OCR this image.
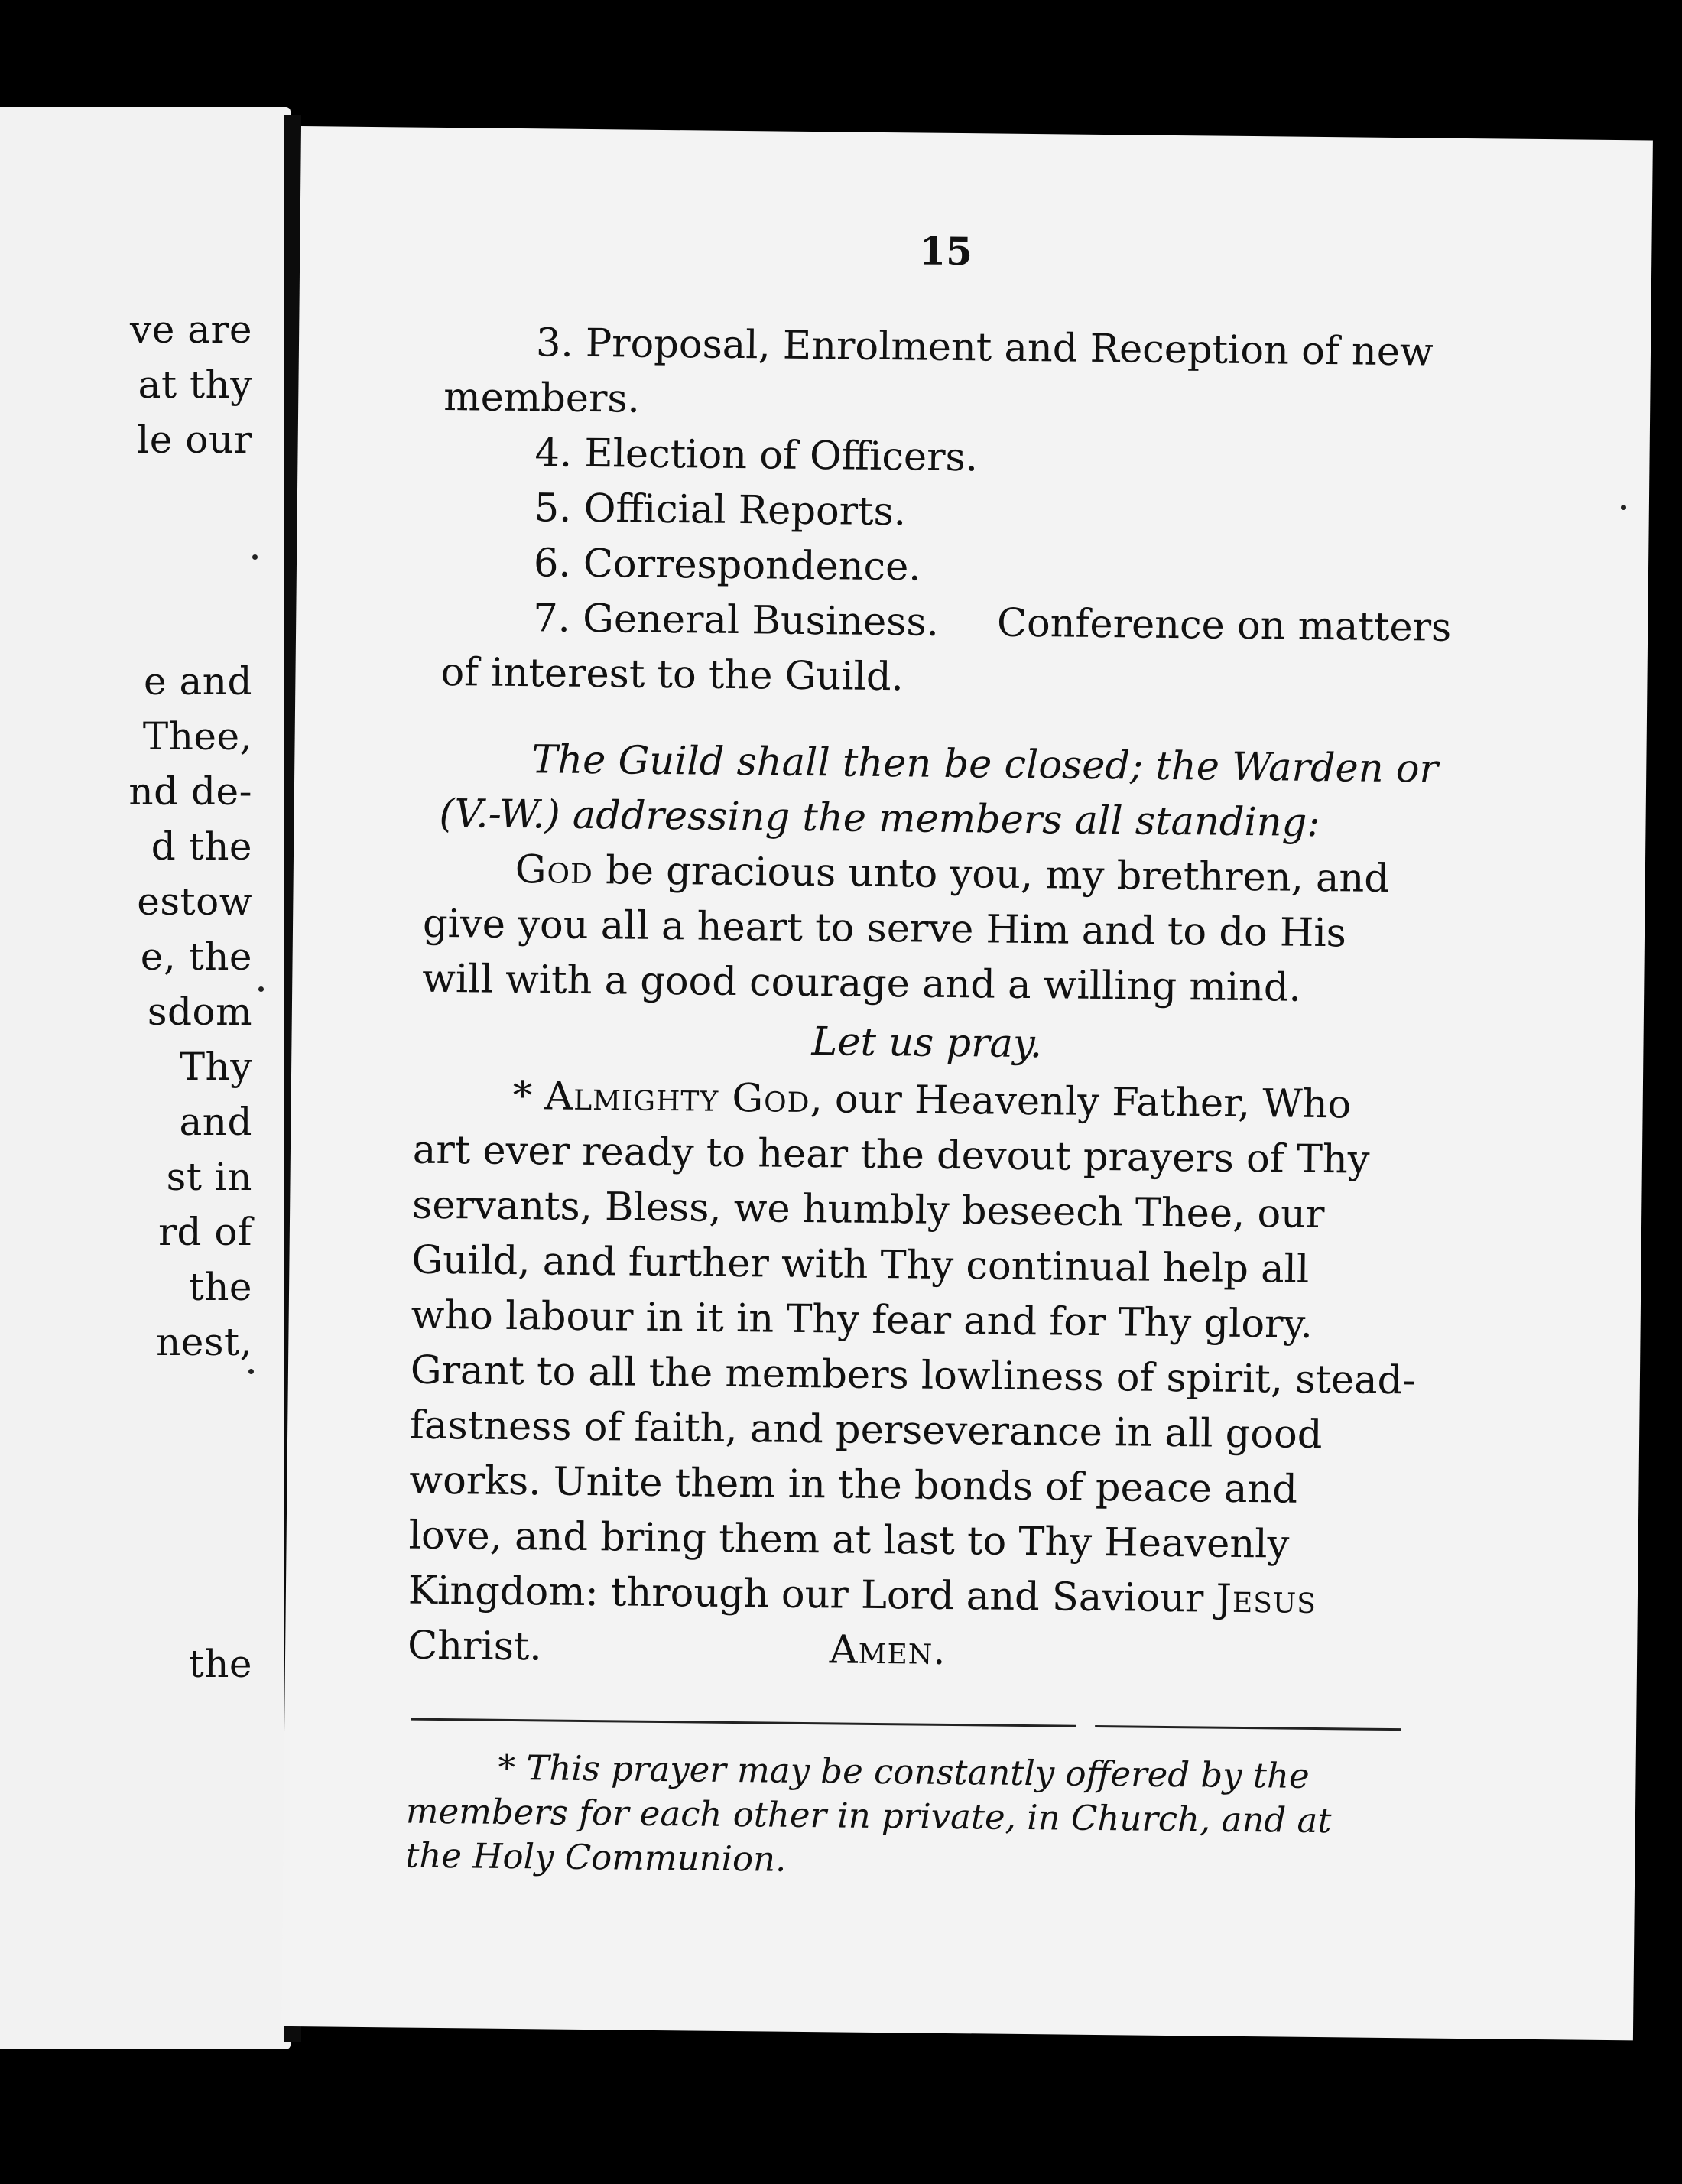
ve are
at thy
le our
e and
Thee,
nd de-
d the
estow
e, the
sdom
Thy
and
st in
rd of
the
nest,
the
15
3. Proposal, Enrolment and Reception of new
members.
4. Election of Officers.
5. Official Reports.
6. Correspondence.
7. General Business. Conference on matters
of interest to the Guild.
The Guild shall then be closed; the Warden or
(V.-W.) addressing the members all standing:
God be gracious unto you, my brethren, and
give you all a heart to serve Him and to do His
will with a good courage and a willing mind.
Let us pray.
* Almighty God, our Heavenly Father, Who
art ever ready to hear the devout prayers of Thy
servants, Bless, we humbly beseech Thee, our
Guild, and further with Thy continual help all
who labour in it in Thy fear and for Thy glory.
Grant to all the members lowliness of spirit, stead-
fastness of faith, and perseverance in all good
works. Unite them in the bonds of peace and
love, and bring them at last to Thy Heavenly
Kingdom: through our Lord and Saviour Jesus
Christ.	Amen.
* This prayer may be constantly offered by the
members for each other in private, in Church, and at
the Holy Communion.
